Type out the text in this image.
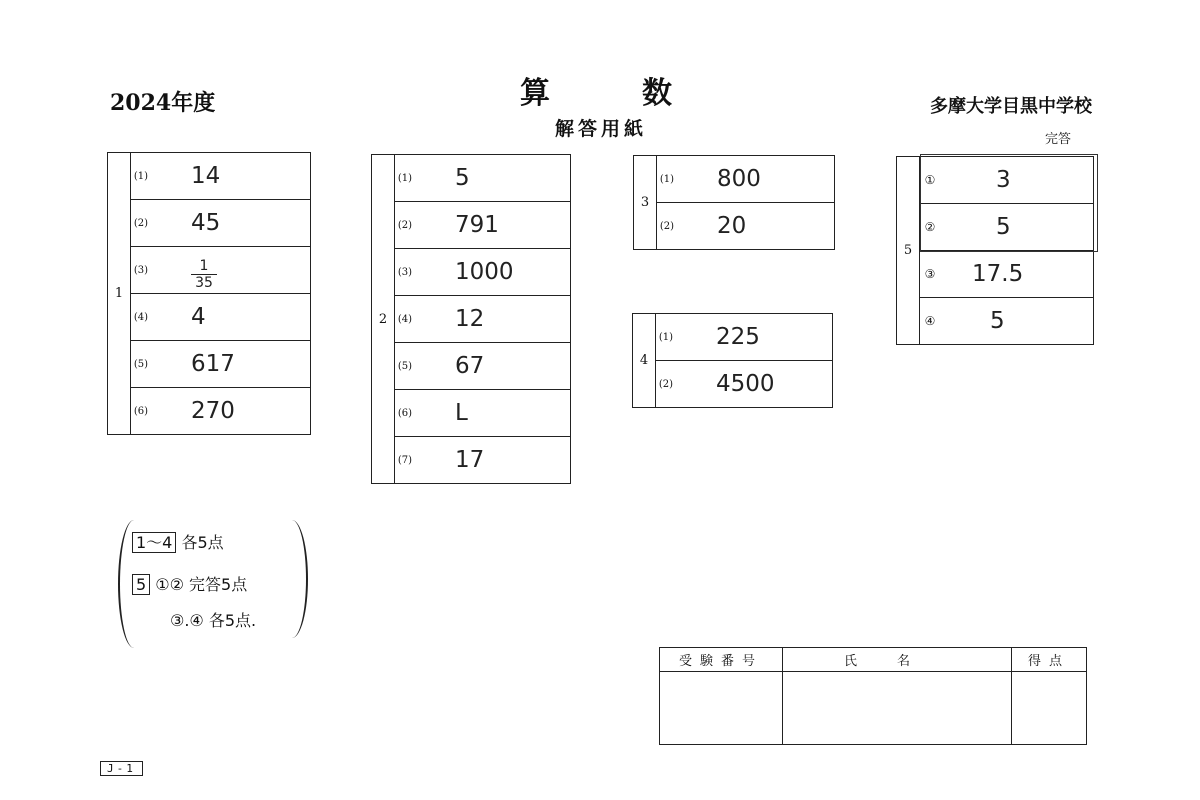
2024年度	算	数
解答用紙
多摩大学目黒中学校
1	(1)	14
	(2)	45
	(3)	$\frac{1}{35}$

	(4)	4
	(5)	617
	(6)	270
2	(1)	5
	(2)	791
	(3)	1000
	(4)	12
	(5)	67
	(6)	L
	(7)	17
3	(1)	800
	(2)	20
4	(1)	225
	(2)	4500
完答
5	①	3
	②	5
	③	17.5
	④	5
1～4 各5点
5 ①② 完答5点
③.④ 各5点.
受験番号	氏名	得点

J-1
